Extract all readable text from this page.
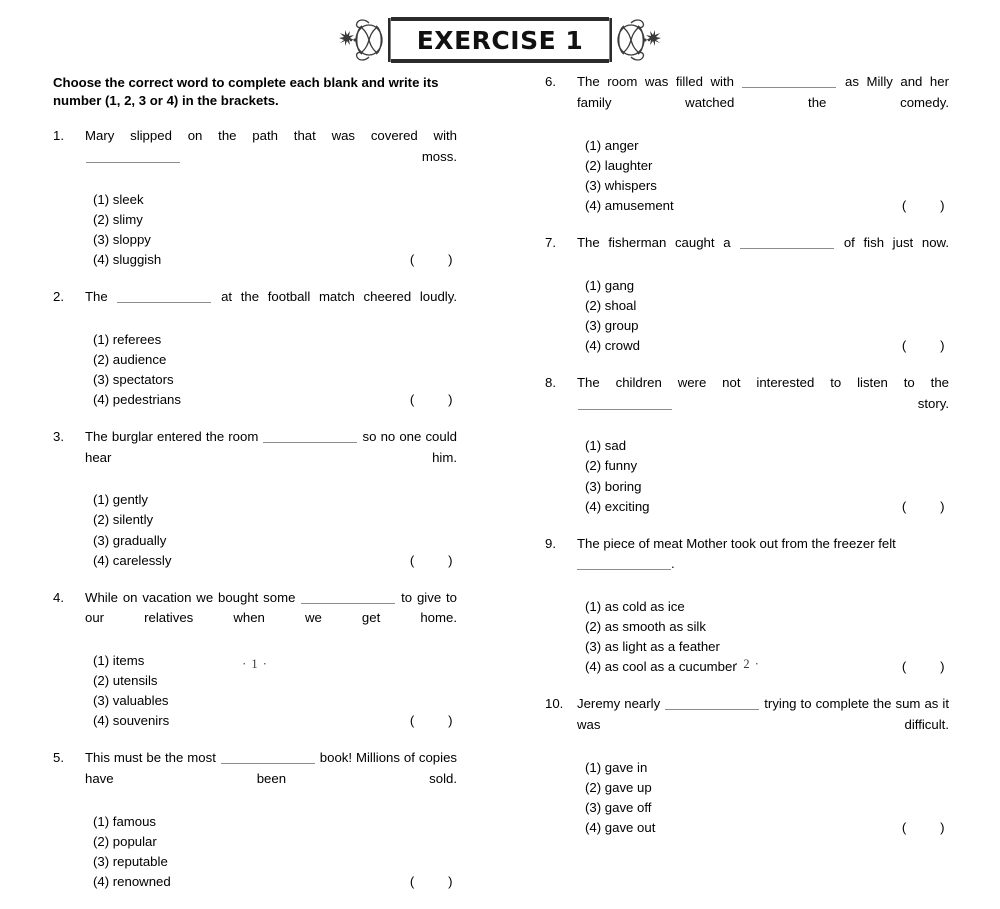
EXERCISE 1
Choose the correct word to complete each blank and write its number (1, 2, 3 or 4) in the brackets.
1.	Mary slipped on the path that was covered with  moss.

(1) sleek
(2) slimy
(3) sloppy
(4) sluggish	(        )
2.	The	at the football match cheered loudly.

(1) referees
(2) audience
(3) spectators
(4) pedestrians	(        )
3.	The burglar entered the room	so no one could hear him.

(1) gently
(2) silently
(3) gradually
(4) carelessly	(        )
4.	While on vacation we bought some	to give to our relatives when we get home.

(1) items
(2) utensils
(3) valuables
(4) souvenirs	(        )
5.	This must be the most	book! Millions of copies have been sold.

(1) famous
(2) popular
(3) reputable
(4) renowned	(        )
6.	The room was filled with	as Milly and her family watched the comedy.

(1) anger
(2) laughter
(3) whispers
(4) amusement	(        )
7.	The fisherman caught a	of fish just now.

(1) gang
(2) shoal
(3) group
(4) crowd	(        )
8.	The children were not interested to listen to the  story.

(1) sad
(2) funny
(3) boring
(4) exciting	(        )
9.	The piece of meat Mother took out from the freezer felt
.

(1) as cold as ice
(2) as smooth as silk
(3) as light as a feather
(4) as cool as a cucumber	(        )
10.	Jeremy nearly	trying to complete the sum as it was difficult.

(1) gave in
(2) gave up
(3) gave off
(4) gave out	(        )
· 1 ·	· 2 ·
